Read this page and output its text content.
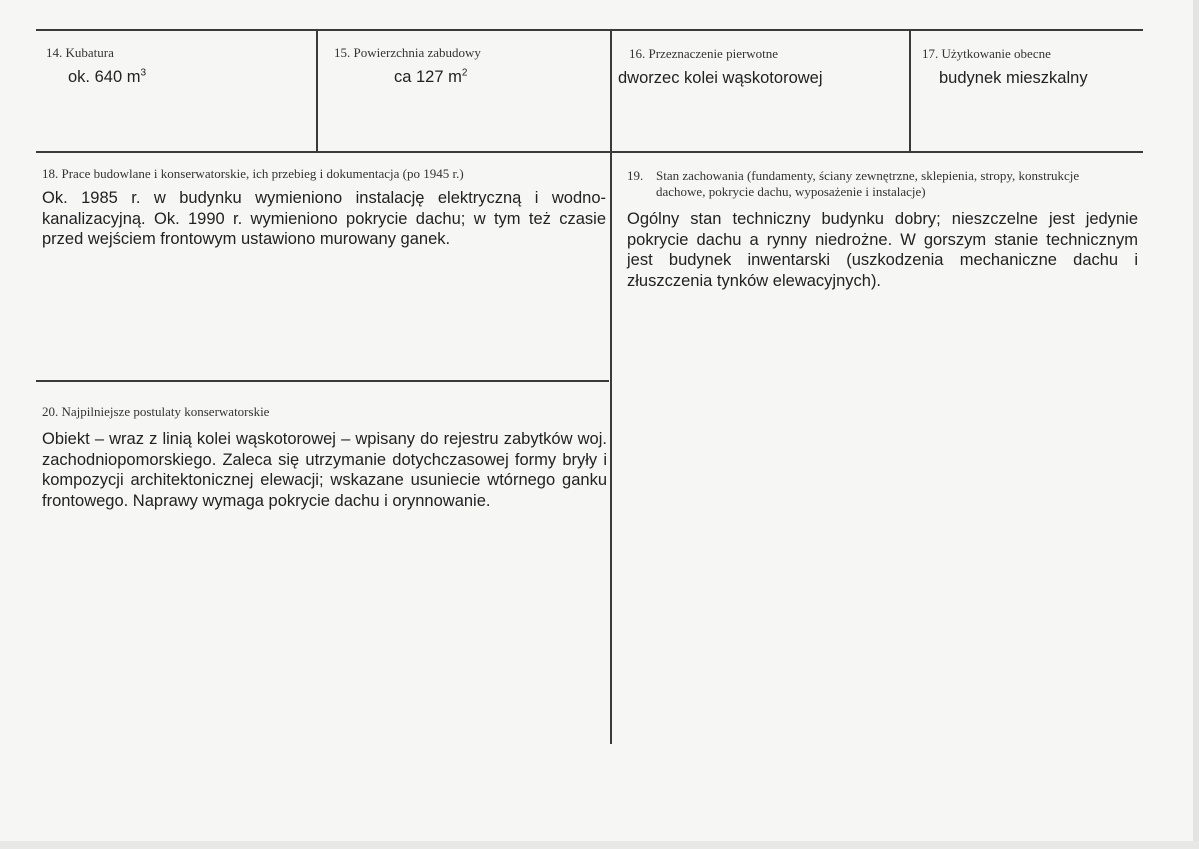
14. Kubatura
ok. 640 $m^3$
15. Powierzchnia zabudowy
ca 127 $m^2$
16. Przeznaczenie pierwotne
dworzec kolei wąskotorowej
17. Użytkowanie obecne
budynek mieszkalny
18. Prace budowlane i konserwatorskie, ich przebieg i dokumentacja (po 1945 r.)
Ok. 1985 r. w budynku wymieniono instalację elektryczną i wodno-kanalizacyjną. Ok. 1990 r. wymieniono pokrycie dachu; w tym też czasie przed wejściem frontowym ustawiono murowany ganek.
19. Stan zachowania (fundamenty, ściany zewnętrzne, sklepienia, stropy, konstrukcje dachowe, pokrycie dachu, wyposażenie i instalacje)
Ogólny stan techniczny budynku dobry; nieszczelne jest jedynie pokrycie dachu a rynny niedrożne. W gorszym stanie technicznym jest budynek inwentarski (uszkodzenia mechaniczne dachu i złuszczenia tynków elewacyjnych).
20. Najpilniejsze postulaty konserwatorskie
Obiekt – wraz z linią kolei wąskotorowej – wpisany do rejestru zabytków woj. zachodniopomorskiego. Zaleca się utrzymanie dotychczasowej formy bryły i kompozycji architektonicznej elewacji; wskazane usuniecie wtórnego ganku frontowego. Naprawy wymaga pokrycie dachu i orynnowanie.
